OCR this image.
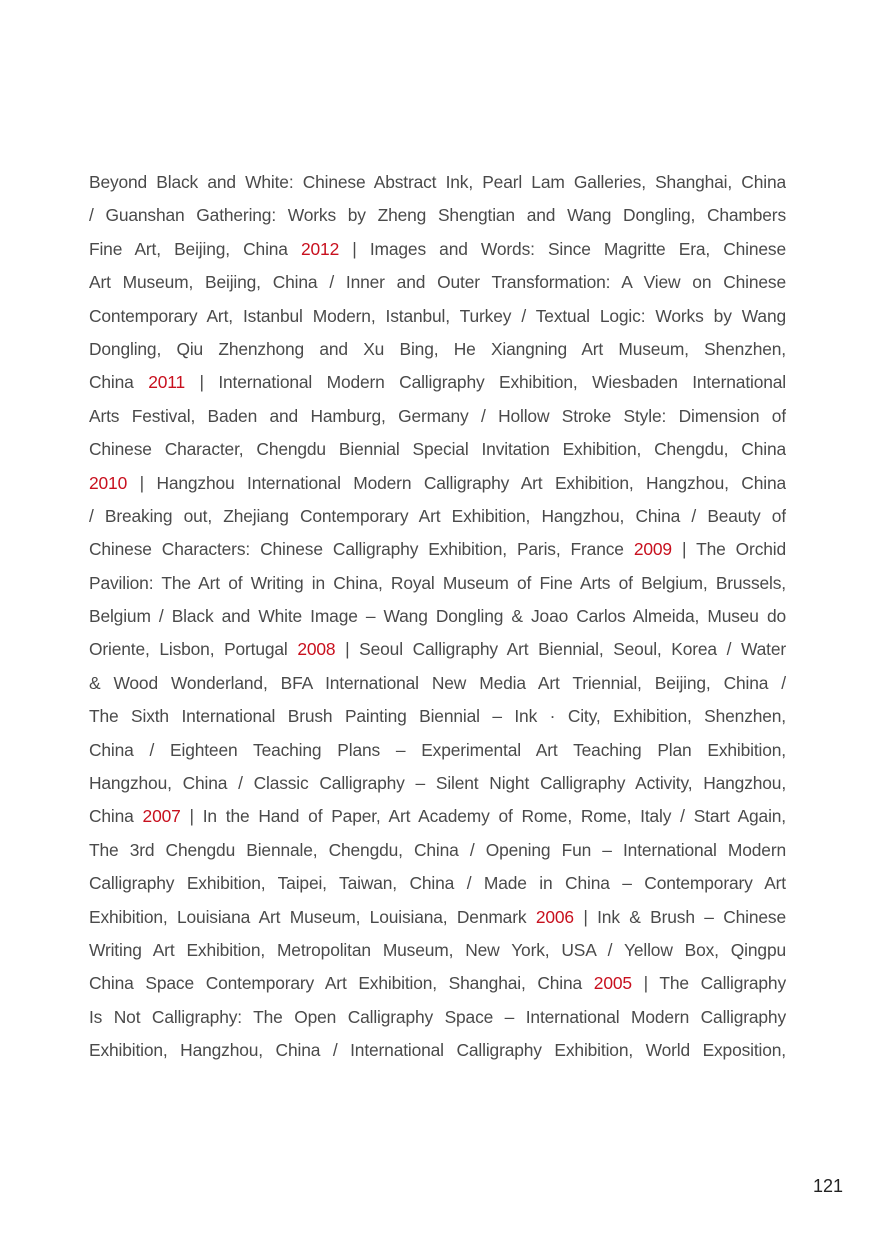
Beyond Black and White: Chinese Abstract Ink, Pearl Lam Galleries, Shanghai, China
/ Guanshan Gathering: Works by Zheng Shengtian and Wang Dongling, Chambers
Fine Art, Beijing, China 2012 | Images and Words: Since Magritte Era, Chinese
Art Museum, Beijing, China / Inner and Outer Transformation: A View on Chinese
Contemporary Art, Istanbul Modern, Istanbul, Turkey / Textual Logic: Works by Wang
Dongling, Qiu Zhenzhong and Xu Bing, He Xiangning Art Museum, Shenzhen,
China 2011 | International Modern Calligraphy Exhibition, Wiesbaden International
Arts Festival, Baden and Hamburg, Germany / Hollow Stroke Style: Dimension of
Chinese Character, Chengdu Biennial Special Invitation Exhibition, Chengdu, China
2010 | Hangzhou International Modern Calligraphy Art Exhibition, Hangzhou, China
/ Breaking out, Zhejiang Contemporary Art Exhibition, Hangzhou, China / Beauty of
Chinese Characters: Chinese Calligraphy Exhibition, Paris, France 2009 | The Orchid
Pavilion: The Art of Writing in China, Royal Museum of Fine Arts of Belgium, Brussels,
Belgium / Black and White Image – Wang Dongling & Joao Carlos Almeida, Museu do
Oriente, Lisbon, Portugal 2008 | Seoul Calligraphy Art Biennial, Seoul, Korea / Water
& Wood Wonderland, BFA International New Media Art Triennial, Beijing, China /
The Sixth International Brush Painting Biennial – Ink · City, Exhibition, Shenzhen,
China / Eighteen Teaching Plans – Experimental Art Teaching Plan Exhibition,
Hangzhou, China / Classic Calligraphy – Silent Night Calligraphy Activity, Hangzhou,
China 2007 | In the Hand of Paper, Art Academy of Rome, Rome, Italy / Start Again,
The 3rd Chengdu Biennale, Chengdu, China / Opening Fun – International Modern
Calligraphy Exhibition, Taipei, Taiwan, China / Made in China – Contemporary Art
Exhibition, Louisiana Art Museum, Louisiana, Denmark 2006 | Ink & Brush – Chinese
Writing Art Exhibition, Metropolitan Museum, New York, USA / Yellow Box, Qingpu
China Space Contemporary Art Exhibition, Shanghai, China 2005 | The Calligraphy
Is Not Calligraphy: The Open Calligraphy Space – International Modern Calligraphy
Exhibition, Hangzhou, China / International Calligraphy Exhibition, World Exposition,
121
